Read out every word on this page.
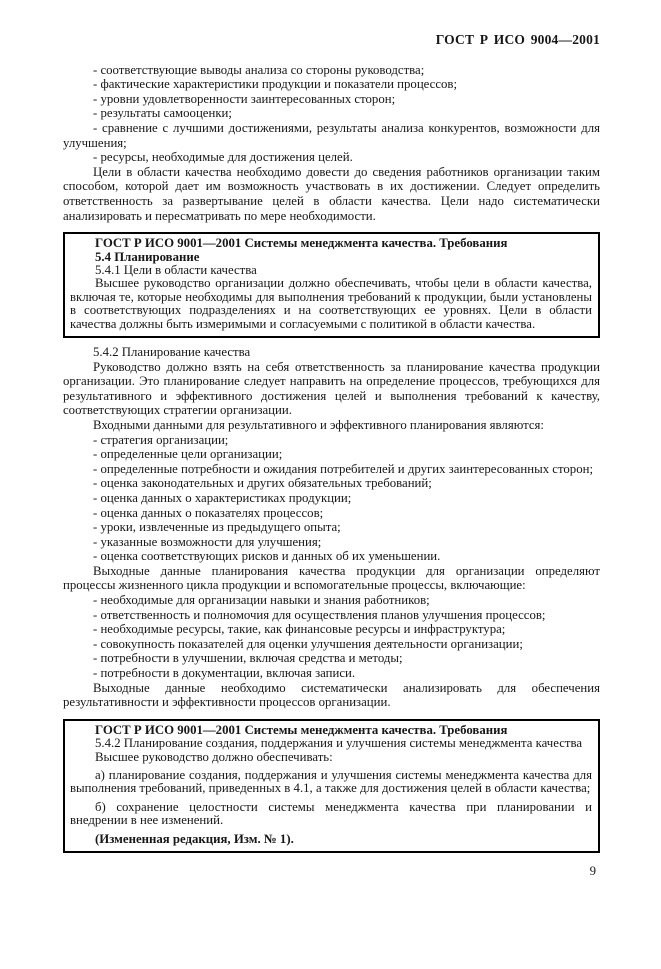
ГОСТ Р ИСО 9004—2001
- соответствующие выводы анализа со стороны руководства;
- фактические характеристики продукции и показатели процессов;
- уровни удовлетворенности заинтересованных сторон;
- результаты самооценки;
- сравнение с лучшими достижениями, результаты анализа конкурентов, возможности для улучшения;
- ресурсы, необходимые для достижения целей.

Цели в области качества необходимо довести до сведения работников организации таким способом, которой дает им возможность участвовать в их достижении. Следует определить ответственность за развертывание целей в области качества. Цели надо систематически анализировать и пересматривать по мере необходимости.

ГОСТ Р ИСО 9001—2001 Системы менеджмента качества. Требования
5.4 Планирование
5.4.1 Цели в области качества

Высшее руководство организации должно обеспечивать, чтобы цели в области качества, включая те, которые необходимы для выполнения требований к продукции, были установлены в соответствующих подразделениях и на соответствующих ее уровнях. Цели в области качества должны быть измеримыми и согласуемыми с политикой в области качества.

5.4.2 Планирование качества

Руководство должно взять на себя ответственность за планирование качества продукции организации. Это планирование следует направить на определение процессов, требующихся для результативного и эффективного достижения целей и выполнения требований к качеству, соответствующих стратегии организации.

Входными данными для результативного и эффективного планирования являются:

- стратегия организации;
- определенные цели организации;
- определенные потребности и ожидания потребителей и других заинтересованных сторон;
- оценка законодательных и других обязательных требований;
- оценка данных о характеристиках продукции;
- оценка данных о показателях процессов;
- уроки, извлеченные из предыдущего опыта;
- указанные возможности для улучшения;
- оценка соответствующих рисков и данных об их уменьшении.

Выходные данные планирования качества продукции для организации определяют процессы жизненного цикла продукции и вспомогательные процессы, включающие:

- необходимые для организации навыки и знания работников;
- ответственность и полномочия для осуществления планов улучшения процессов;
- необходимые ресурсы, такие, как финансовые ресурсы и инфраструктура;
- совокупность показателей для оценки улучшения деятельности организации;
- потребности в улучшении, включая средства и методы;
- потребности в документации, включая записи.

Выходные данные необходимо систематически анализировать для обеспечения результативности и эффективности процессов организации.

ГОСТ Р ИСО 9001—2001 Системы менеджмента качества. Требования
5.4.2 Планирование создания, поддержания и улучшения системы менеджмента качества
Высшее руководство должно обеспечивать:

а) планирование создания, поддержания и улучшения системы менеджмента качества для выполнения требований, приведенных в 4.1, а также для достижения целей в области качества;

б) сохранение целостности системы менеджмента качества при планировании и внедрении в нее изменений.

(Измененная редакция, Изм. № 1).
9
